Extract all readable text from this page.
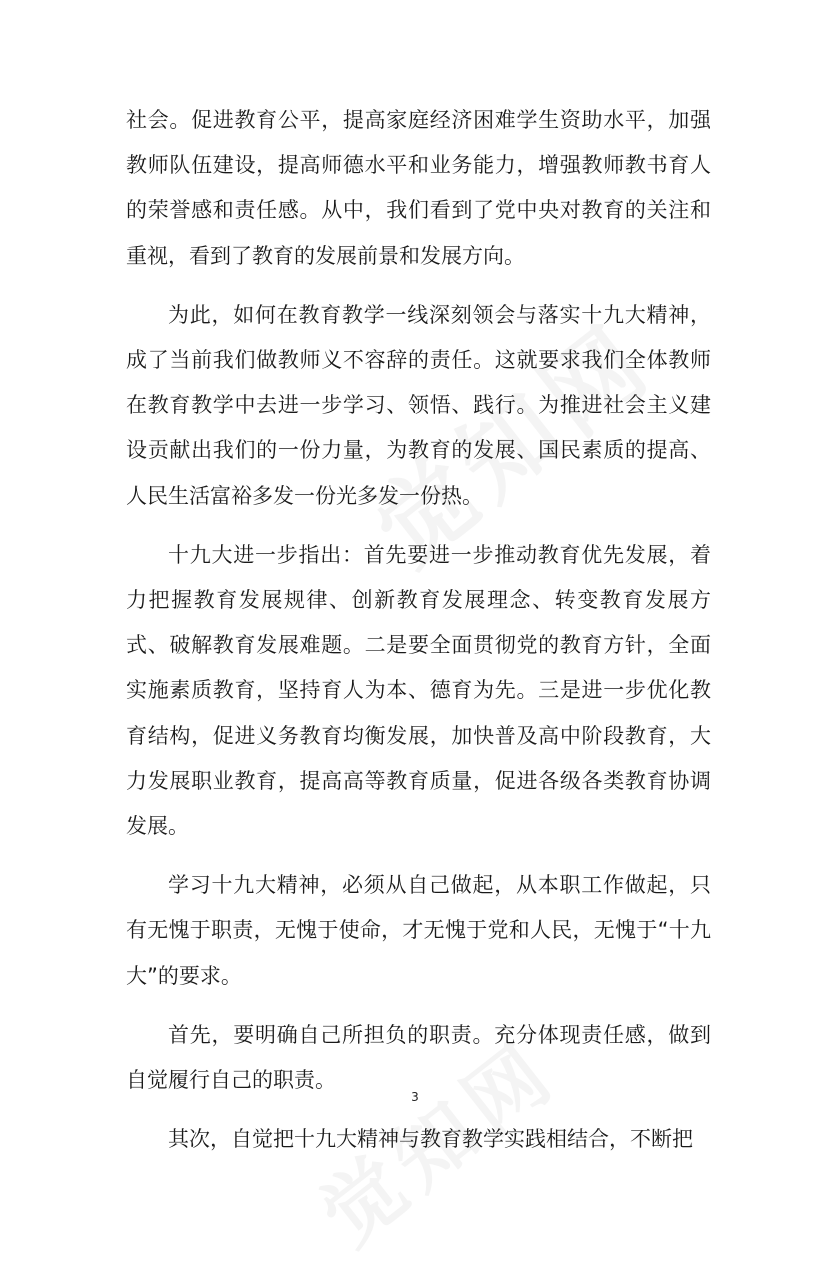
社会。促进教育公平，提高家庭经济困难学生资助水平，加强教师队伍建设，提高师德水平和业务能力，增强教师教书育人的荣誉感和责任感。从中，我们看到了党中央对教育的关注和重视，看到了教育的发展前景和发展方向。

为此，如何在教育教学一线深刻领会与落实十九大精神，成了当前我们做教师义不容辞的责任。这就要求我们全体教师在教育教学中去进一步学习、领悟、践行。为推进社会主义建设贡献出我们的一份力量，为教育的发展、国民素质的提高、人民生活富裕多发一份光多发一份热。

十九大进一步指出：首先要进一步推动教育优先发展，着力把握教育发展规律、创新教育发展理念、转变教育发展方式、破解教育发展难题。二是要全面贯彻党的教育方针，全面实施素质教育，坚持育人为本、德育为先。三是进一步优化教育结构，促进义务教育均衡发展，加快普及高中阶段教育，大力发展职业教育，提高高等教育质量，促进各级各类教育协调发展。

学习十九大精神，必须从自己做起，从本职工作做起，只有无愧于职责，无愧于使命，才无愧于党和人民，无愧于“十九大”的要求。

首先，要明确自己所担负的职责。充分体现责任感，做到自觉履行自己的职责。

其次，自觉把十九大精神与教育教学实践相结合，不断把

3
